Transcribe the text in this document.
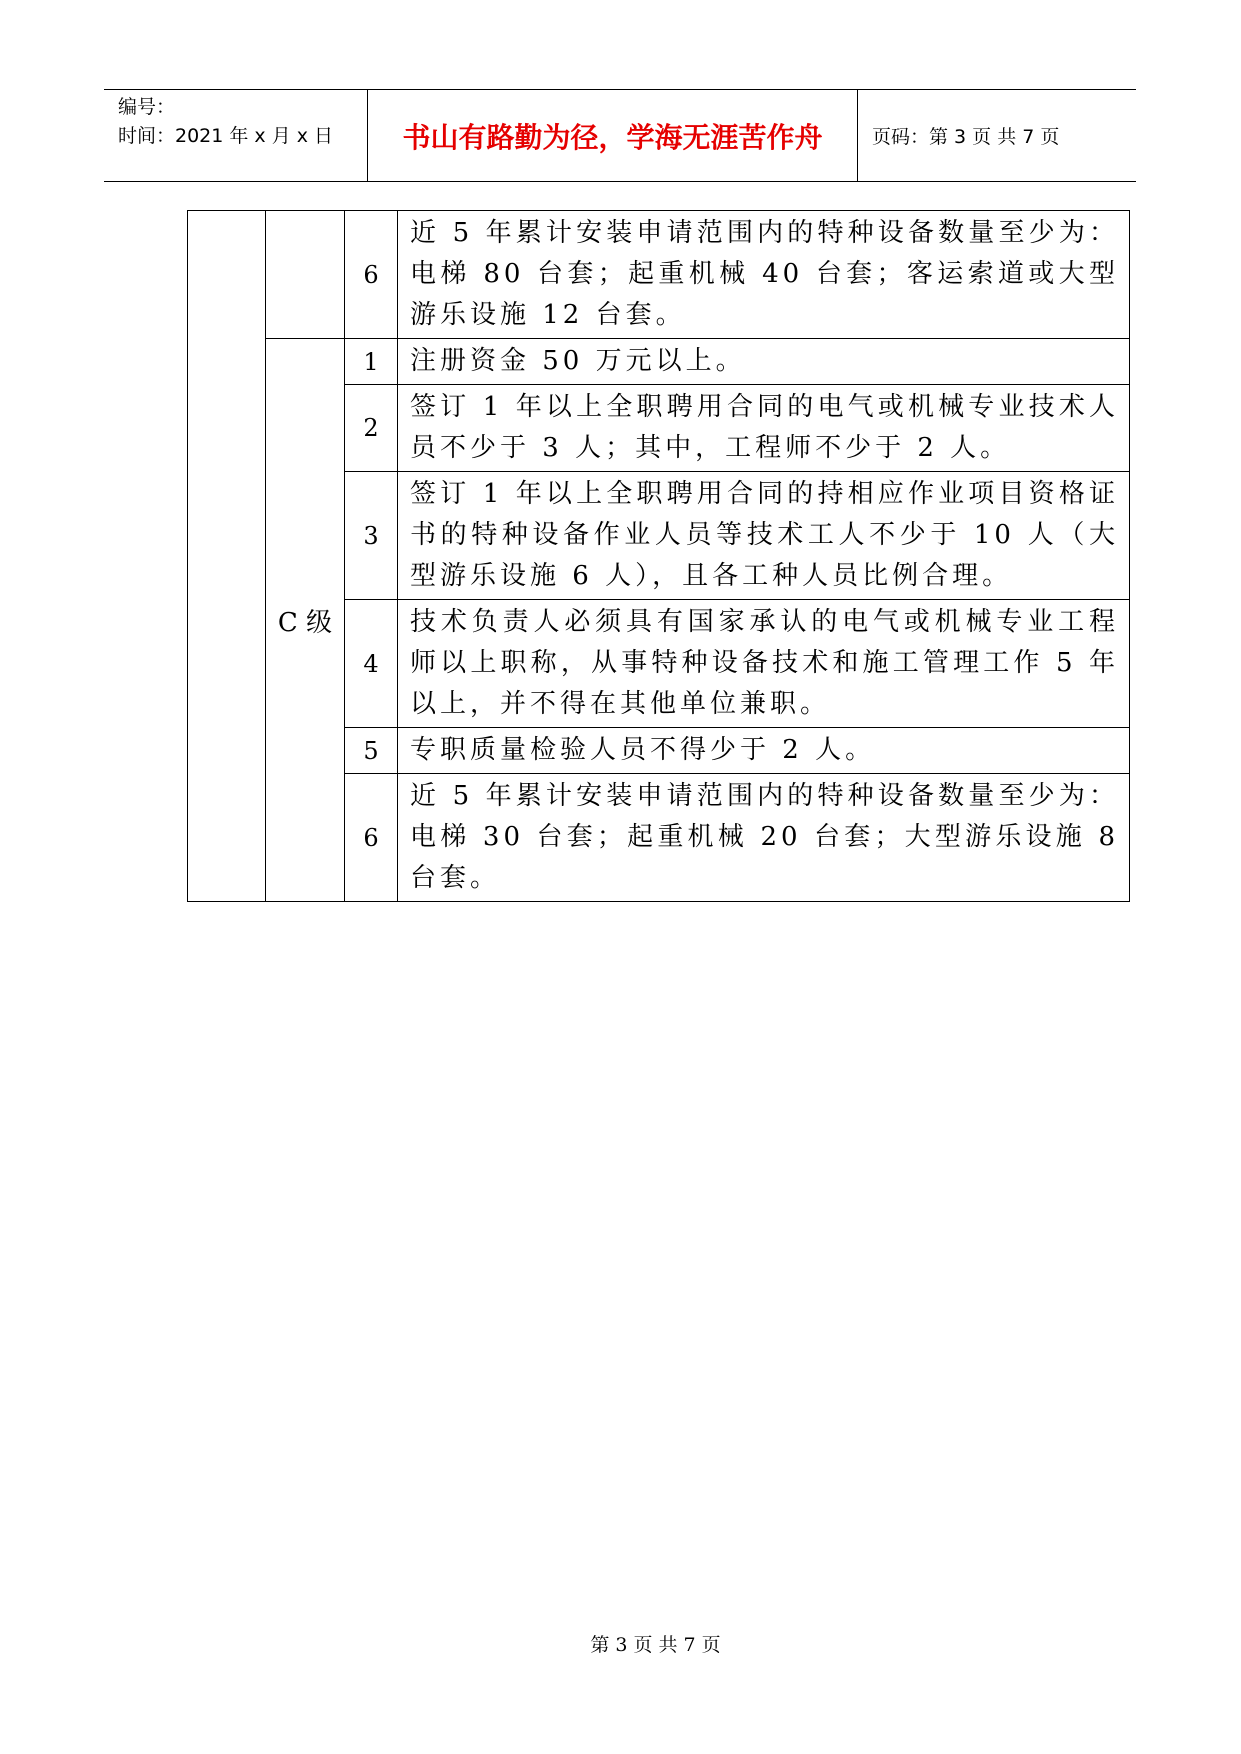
编号：
时间：2021 年 x 月 x 日 书山有路勤为径，学海无涯苦作舟	页码：第 3 页 共 7 页
		6	近 5 年累计安装申请范围内的特种设备数量至少为：电梯 80 台套；起重机械 40 台套；客运索道或大型游乐设施 12 台套。
	C 级	1	注册资金 50 万元以上。
		2	签订 1 年以上全职聘用合同的电气或机械专业技术人员不少于 3 人；其中，工程师不少于 2 人。
		3	签订 1 年以上全职聘用合同的持相应作业项目资格证书的特种设备作业人员等技术工人不少于 10 人（大型游乐设施 6 人），且各工种人员比例合理。
		4	技术负责人必须具有国家承认的电气或机械专业工程师以上职称，从事特种设备技术和施工管理工作 5 年以上，并不得在其他单位兼职。
		5	专职质量检验人员不得少于 2 人。
		6	近 5 年累计安装申请范围内的特种设备数量至少为：电梯 30 台套；起重机械 20 台套；大型游乐设施 8 台套。
第 3 页 共 7 页
